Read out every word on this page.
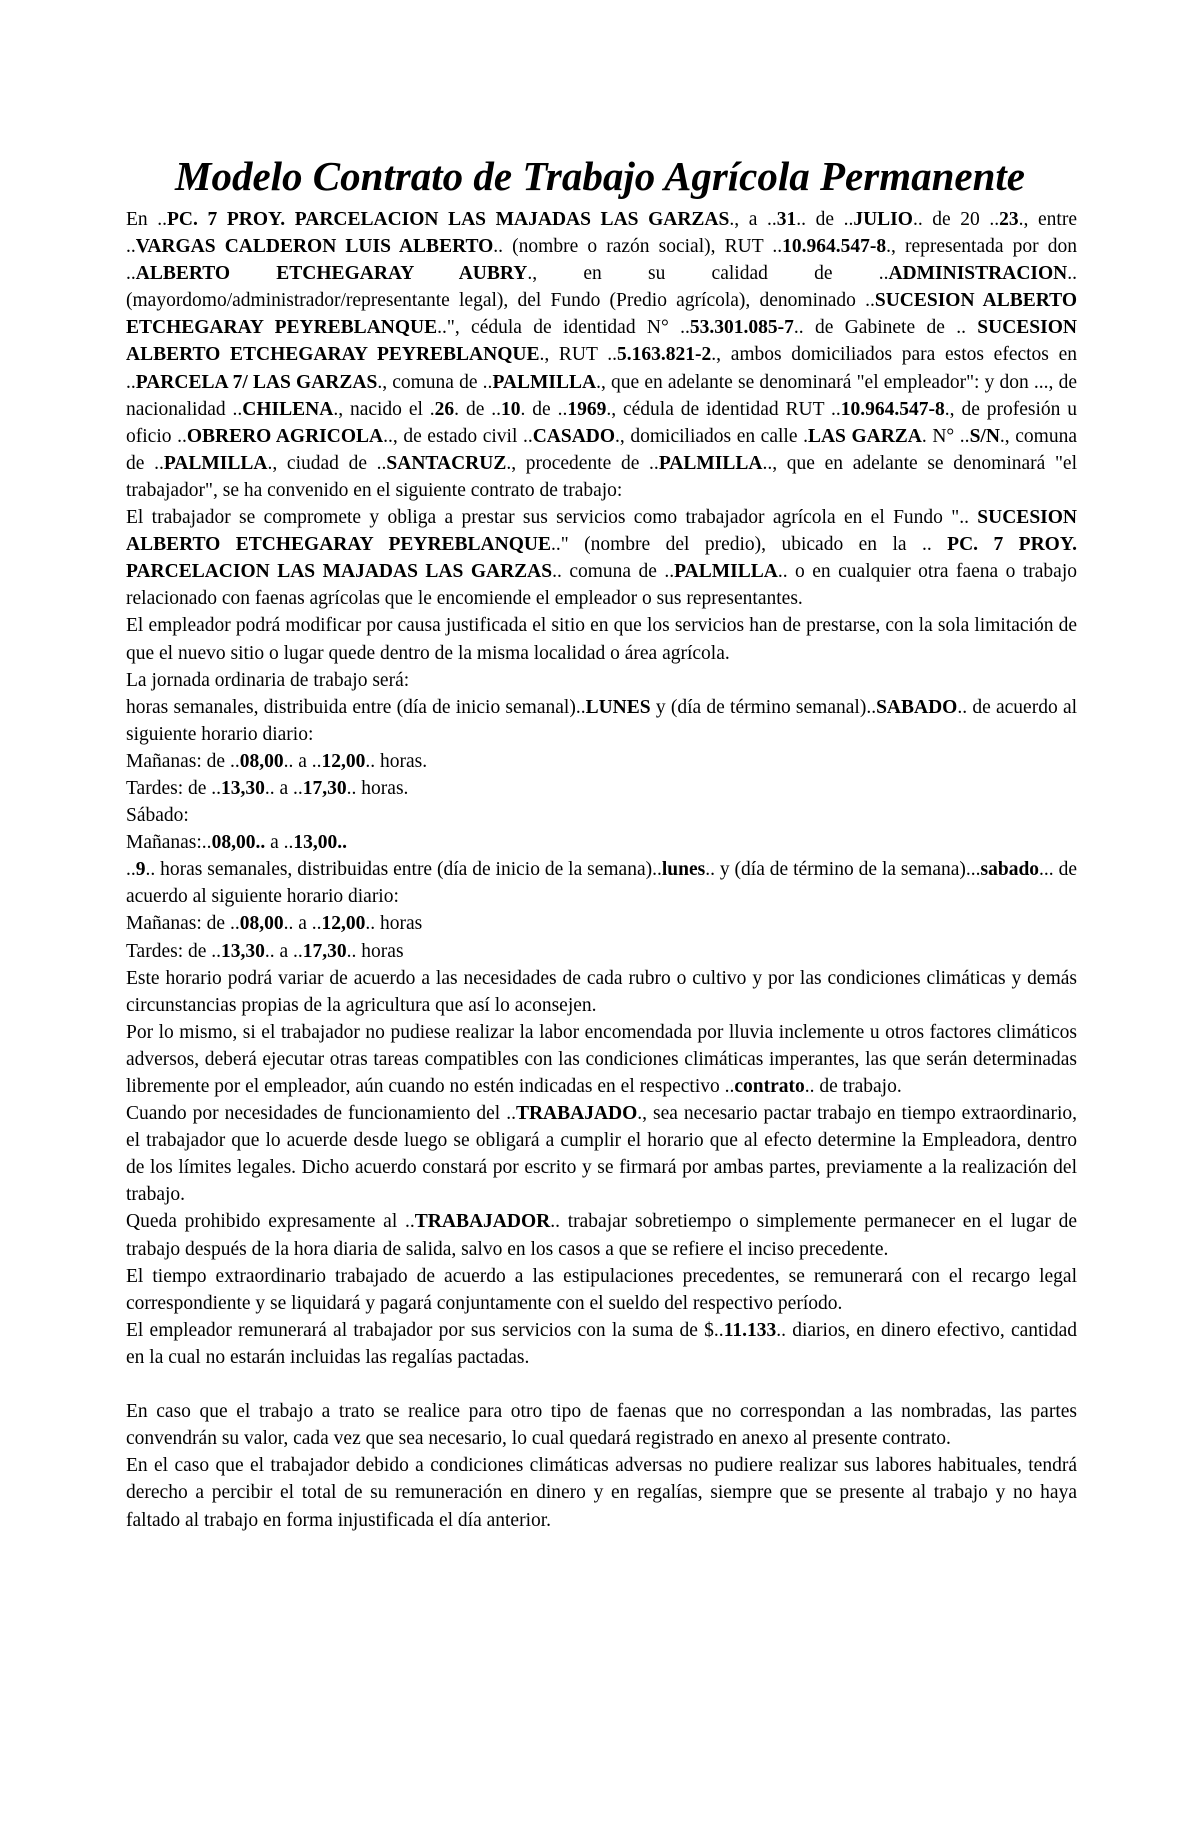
Modelo Contrato de Trabajo Agrícola Permanente

En ..PC. 7 PROY. PARCELACION LAS MAJADAS LAS GARZAS., a ..31.. de ..JULIO.. de 20 ..23., entre ..VARGAS CALDERON LUIS ALBERTO.. (nombre o razón social), RUT ..10.964.547-8., representada por don ..ALBERTO ETCHEGARAY AUBRY., en su calidad de ..ADMINISTRACION.. (mayordomo/administrador/representante legal), del Fundo (Predio agrícola), denominado ..SUCESION ALBERTO ETCHEGARAY PEYREBLANQUE..", cédula de identidad N° ..53.301.085-7.. de Gabinete de .. SUCESION ALBERTO ETCHEGARAY PEYREBLANQUE., RUT ..5.163.821-2., ambos domiciliados para estos efectos en ..PARCELA 7/ LAS GARZAS., comuna de ..PALMILLA., que en adelante se denominará "el empleador": y don ..., de nacionalidad ..CHILENA., nacido el .26. de ..10. de ..1969., cédula de identidad RUT ..10.964.547-8., de profesión u oficio ..OBRERO AGRICOLA.., de estado civil ..CASADO., domiciliados en calle .LAS GARZA. N° ..S/N., comuna de ..PALMILLA., ciudad de ..SANTACRUZ., procedente de ..PALMILLA.., que en adelante se denominará "el trabajador", se ha convenido en el siguiente contrato de trabajo:

El trabajador se compromete y obliga a prestar sus servicios como trabajador agrícola en el Fundo ".. SUCESION ALBERTO ETCHEGARAY PEYREBLANQUE.." (nombre del predio), ubicado en la .. PC. 7 PROY. PARCELACION LAS MAJADAS LAS GARZAS.. comuna de ..PALMILLA.. o en cualquier otra faena o trabajo relacionado con faenas agrícolas que le encomiende el empleador o sus representantes.

El empleador podrá modificar por causa justificada el sitio en que los servicios han de prestarse, con la sola limitación de que el nuevo sitio o lugar quede dentro de la misma localidad o área agrícola.

La jornada ordinaria de trabajo será:

horas semanales, distribuida entre (día de inicio semanal)..LUNES y (día de término semanal)..SABADO.. de acuerdo al siguiente horario diario:

Mañanas: de ..08,00.. a ..12,00.. horas.

Tardes: de ..13,30.. a ..17,30.. horas.

Sábado:

Mañanas:..08,00.. a ..13,00..

..9.. horas semanales, distribuidas entre (día de inicio de la semana)..lunes.. y (día de término de la semana)...sabado... de acuerdo al siguiente horario diario:

Mañanas: de ..08,00.. a ..12,00.. horas

Tardes: de ..13,30.. a ..17,30.. horas

Este horario podrá variar de acuerdo a las necesidades de cada rubro o cultivo y por las condiciones climáticas y demás circunstancias propias de la agricultura que así lo aconsejen.

Por lo mismo, si el trabajador no pudiese realizar la labor encomendada por lluvia inclemente u otros factores climáticos adversos, deberá ejecutar otras tareas compatibles con las condiciones climáticas imperantes, las que serán determinadas libremente por el empleador, aún cuando no estén indicadas en el respectivo ..contrato.. de trabajo.

Cuando por necesidades de funcionamiento del ..TRABAJADO., sea necesario pactar trabajo en tiempo extraordinario, el trabajador que lo acuerde desde luego se obligará a cumplir el horario que al efecto determine la Empleadora, dentro de los límites legales. Dicho acuerdo constará por escrito y se firmará por ambas partes, previamente a la realización del trabajo.

Queda prohibido expresamente al ..TRABAJADOR.. trabajar sobretiempo o simplemente permanecer en el lugar de trabajo después de la hora diaria de salida, salvo en los casos a que se refiere el inciso precedente.

El tiempo extraordinario trabajado de acuerdo a las estipulaciones precedentes, se remunerará con el recargo legal correspondiente y se liquidará y pagará conjuntamente con el sueldo del respectivo período.

El empleador remunerará al trabajador por sus servicios con la suma de $..11.133.. diarios, en dinero efectivo, cantidad en la cual no estarán incluidas las regalías pactadas.

En caso que el trabajo a trato se realice para otro tipo de faenas que no correspondan a las nombradas, las partes convendrán su valor, cada vez que sea necesario, lo cual quedará registrado en anexo al presente contrato.

En el caso que el trabajador debido a condiciones climáticas adversas no pudiere realizar sus labores habituales, tendrá derecho a percibir el total de su remuneración en dinero y en regalías, siempre que se presente al trabajo y no haya faltado al trabajo en forma injustificada el día anterior.
